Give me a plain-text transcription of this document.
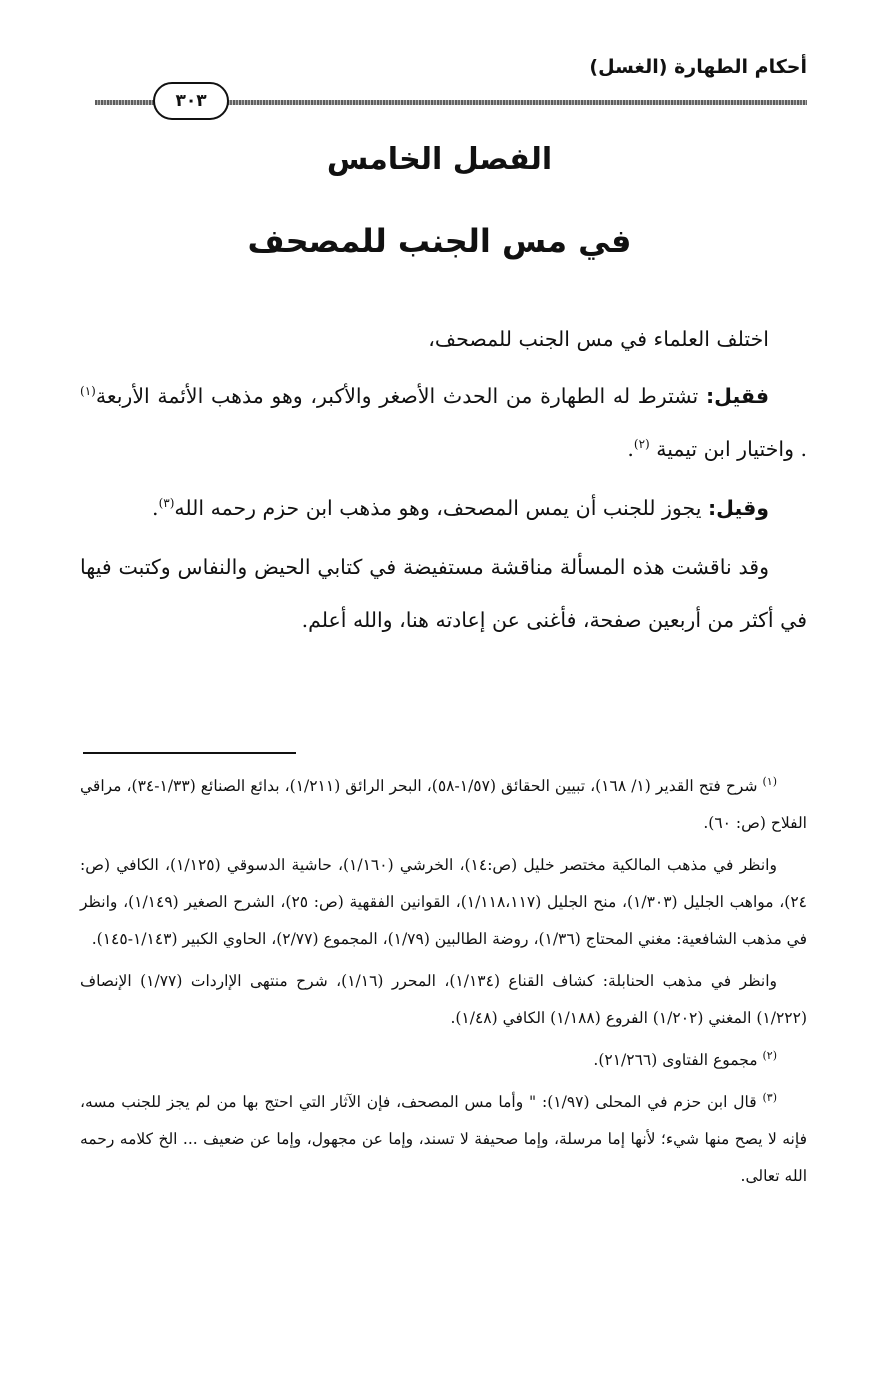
أحكام الطهارة (الغسل)
٣٠٣
الفصل الخامس
في مس الجنب للمصحف

اختلف العلماء في مس الجنب للمصحف،

فقيل: تشترط له الطهارة من الحدث الأصغر والأكبر، وهو مذهب الأئمة الأربعة$^{(١)}$ . واختيار ابن تيمية $^{(٢)}$.

وقيل: يجوز للجنب أن يمس المصحف، وهو مذهب ابن حزم رحمه الله$^{(٣)}$.

وقد ناقشت هذه المسألة مناقشة مستفيضة في كتابي الحيض والنفاس وكتبت فيها في أكثر من أربعين صفحة، فأغنى عن إعادته هنا، والله أعلم.

$^{(١)}$ شرح فتح القدير (١/ ١٦٨)، تبيين الحقائق (١/٥٧-٥٨)، البحر الرائق (١/٢١١)، بدائع الصنائع (١/٣٣-٣٤)، مراقي الفلاح (ص: ٦٠).

وانظر في مذهب المالكية مختصر خليل (ص:١٤)، الخرشي (١/١٦٠)، حاشية الدسوقي (١/١٢٥)، الكافي (ص: ٢٤)، مواهب الجليل (١/٣٠٣)، منح الجليل (١/١١٨،١١٧)، القوانين الفقهية (ص: ٢٥)، الشرح الصغير (١/١٤٩)، وانظر في مذهب الشافعية: مغني المحتاج (١/٣٦)، روضة الطالبين (١/٧٩)، المجموع (٢/٧٧)، الحاوي الكبير (١/١٤٣-١٤٥).

وانظر في مذهب الحنابلة: كشاف القناع (١/١٣٤)، المحرر (١/١٦)، شرح منتهى الإاردات (١/٧٧) الإنصاف (١/٢٢٢) المغني (١/٢٠٢) الفروع (١/١٨٨) الكافي (١/٤٨).

$^{(٢)}$ مجموع الفتاوى (٢١/٢٦٦).

$^{(٣)}$ قال ابن حزم في المحلى (١/٩٧): " وأما مس المصحف، فإن الآثار التي احتج بها من لم يجز للجنب مسه، فإنه لا يصح منها شيء؛ لأنها إما مرسلة، وإما صحيفة لا تسند، وإما عن مجهول، وإما عن ضعيف ... الخ كلامه رحمه الله تعالى.
